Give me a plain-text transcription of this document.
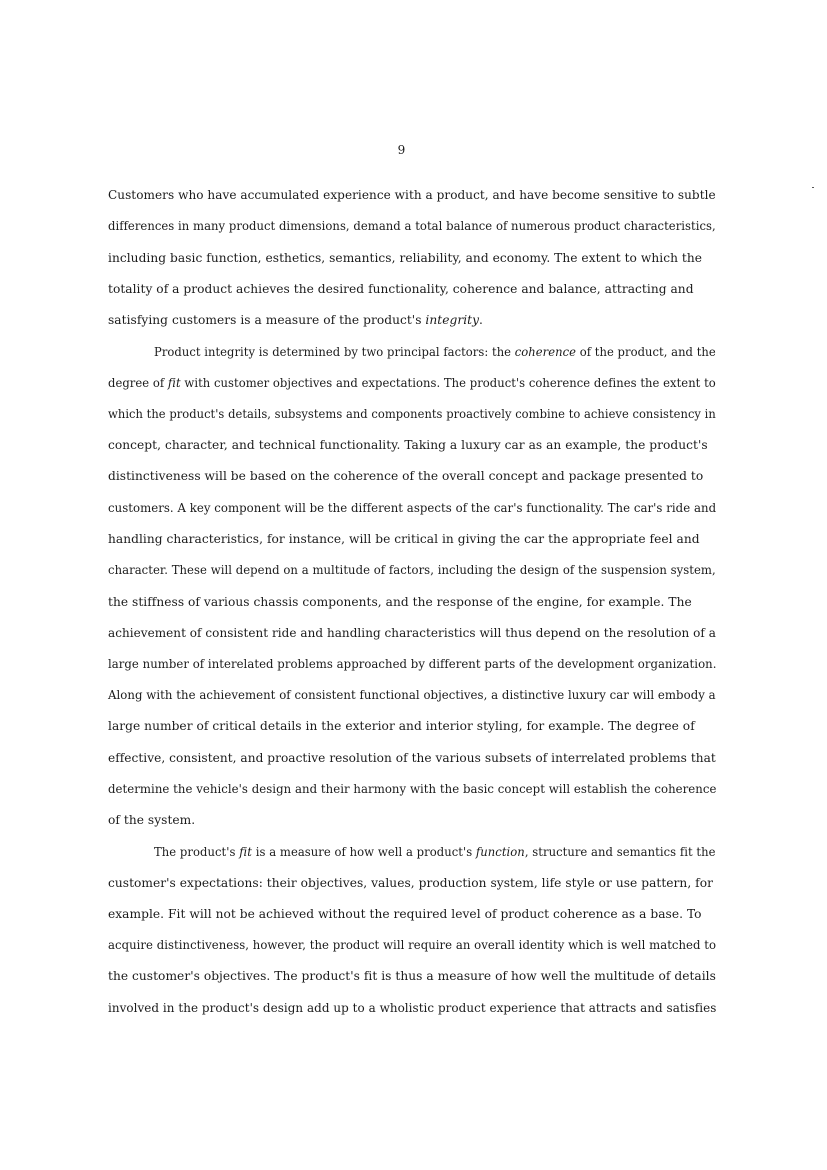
9
Customers who have accumulated experience with a product, and have become sensitive to subtle
differences in many product dimensions, demand a total balance of numerous product characteristics,
including basic function, esthetics, semantics, reliability, and economy. The extent to which the
totality of a product achieves the desired functionality, coherence and balance, attracting and
satisfying customers is a measure of the product's integrity.
Product integrity is determined by two principal factors: the coherence of the product, and the
degree of fit with customer objectives and expectations. The product's coherence defines the extent to
which the product's details, subsystems and components proactively combine to achieve consistency in
concept, character, and technical functionality. Taking a luxury car as an example, the product's
distinctiveness will be based on the coherence of the overall concept and package presented to
customers. A key component will be the different aspects of the car's functionality. The car's ride and
handling characteristics, for instance, will be critical in giving the car the appropriate feel and
character. These will depend on a multitude of factors, including the design of the suspension system,
the stiffness of various chassis components, and the response of the engine, for example. The
achievement of consistent ride and handling characteristics will thus depend on the resolution of a
large number of interelated problems approached by different parts of the development organization.
Along with the achievement of consistent functional objectives, a distinctive luxury car will embody a
large number of critical details in the exterior and interior styling, for example. The degree of
effective, consistent, and proactive resolution of the various subsets of interrelated problems that
determine the vehicle's design and their harmony with the basic concept will establish the coherence
of the system.
The product's fit is a measure of how well a product's function, structure and semantics fit the
customer's expectations: their objectives, values, production system, life style or use pattern, for
example. Fit will not be achieved without the required level of product coherence as a base. To
acquire distinctiveness, however, the product will require an overall identity which is well matched to
the customer's objectives. The product's fit is thus a measure of how well the multitude of details
involved in the product's design add up to a wholistic product experience that attracts and satisfies
